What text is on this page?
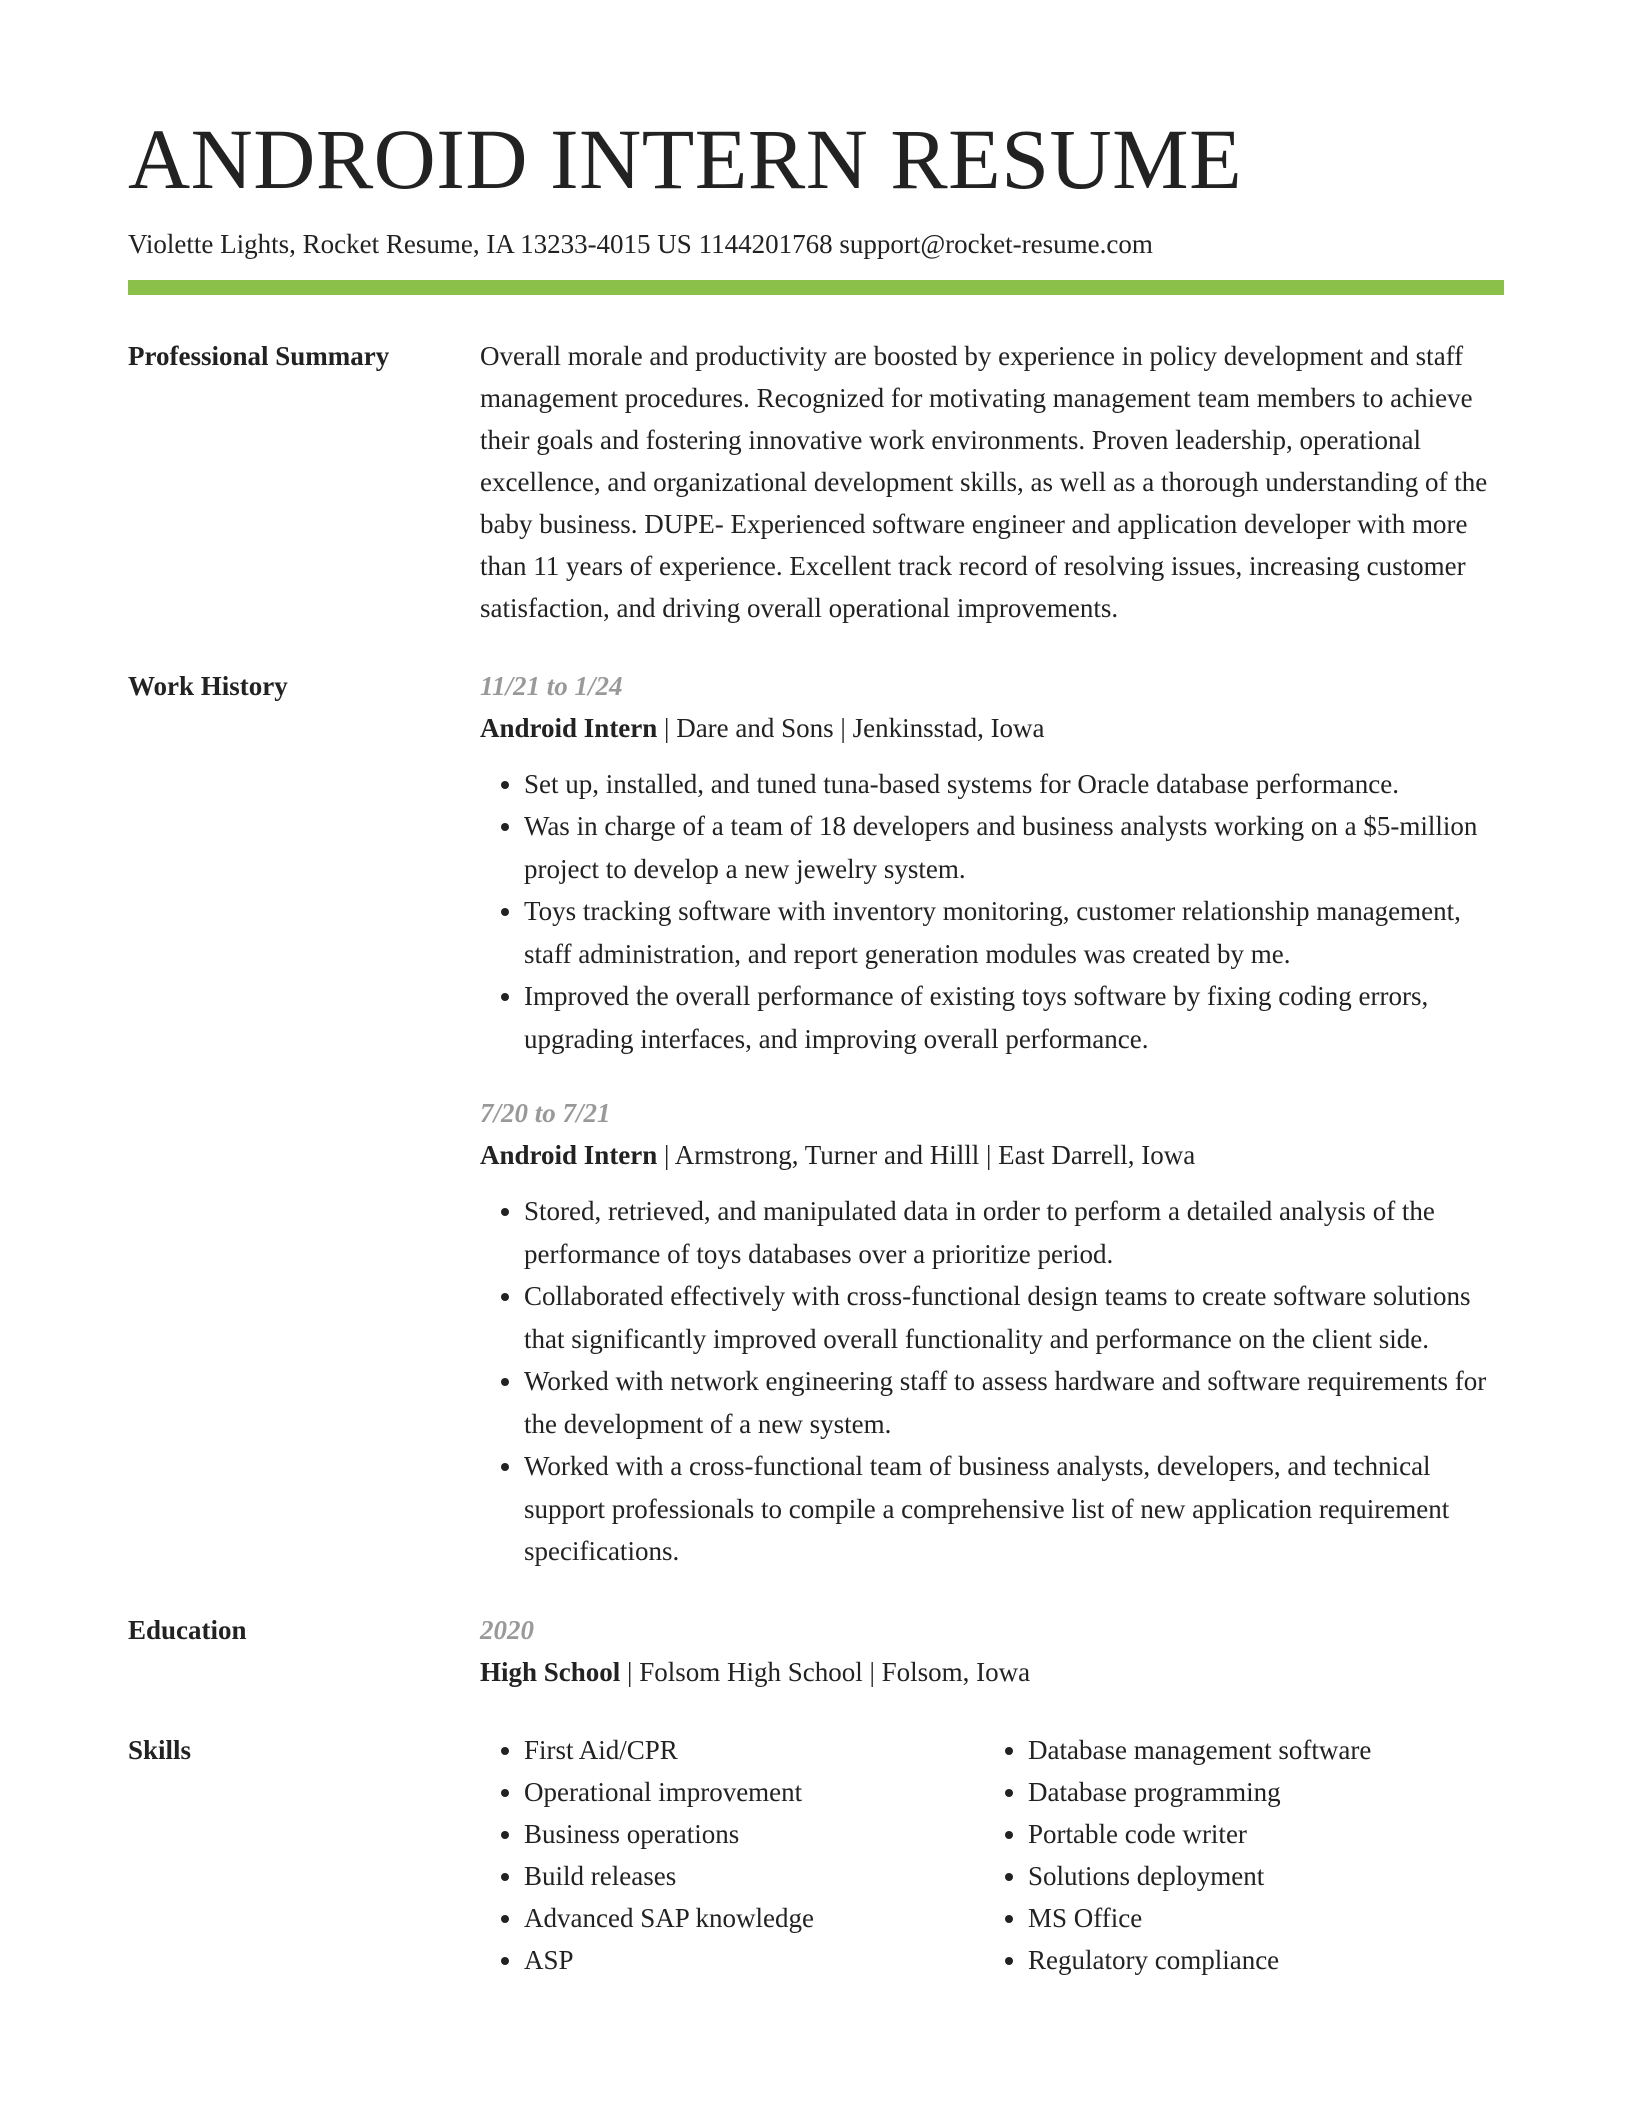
ANDROID INTERN RESUME
Violette Lights, Rocket Resume, IA 13233-4015 US 1144201768 support@rocket-resume.com
Professional Summary	Overall morale and productivity are boosted by experience in policy development and staff management procedures. Recognized for motivating management team members to achieve their goals and fostering innovative work environments. Proven leadership, operational excellence, and organizational development skills, as well as a thorough understanding of the baby business. DUPE- Experienced software engineer and application developer with more than 11 years of experience. Excellent track record of resolving issues, increasing customer satisfaction, and driving overall operational improvements.

Work History	11/21 to 1/24
Android Intern | Dare and Sons | Jenkinsstad, Iowa
• Set up, installed, and tuned tuna-based systems for Oracle database performance.
• Was in charge of a team of 18 developers and business analysts working on a $5-million project to develop a new jewelry system.
• Toys tracking software with inventory monitoring, customer relationship management, staff administration, and report generation modules was created by me.
• Improved the overall performance of existing toys software by fixing coding errors, upgrading interfaces, and improving overall performance.
7/20 to 7/21
Android Intern | Armstrong, Turner and Hilll | East Darrell, Iowa
• Stored, retrieved, and manipulated data in order to perform a detailed analysis of the performance of toys databases over a prioritize period.
• Collaborated effectively with cross-functional design teams to create software solutions that significantly improved overall functionality and performance on the client side.
• Worked with network engineering staff to assess hardware and software requirements for the development of a new system.
• Worked with a cross-functional team of business analysts, developers, and technical support professionals to compile a comprehensive list of new application requirement specifications.
Education	2020
High School | Folsom High School | Folsom, Iowa
Skills
•	First Aid/CPR
• Operational improvement
• Business operations
• Build releases
• Advanced SAP knowledge
• ASP
• Database management software
• Database programming
• Portable code writer
• Solutions deployment
• MS Office
• Regulatory compliance
